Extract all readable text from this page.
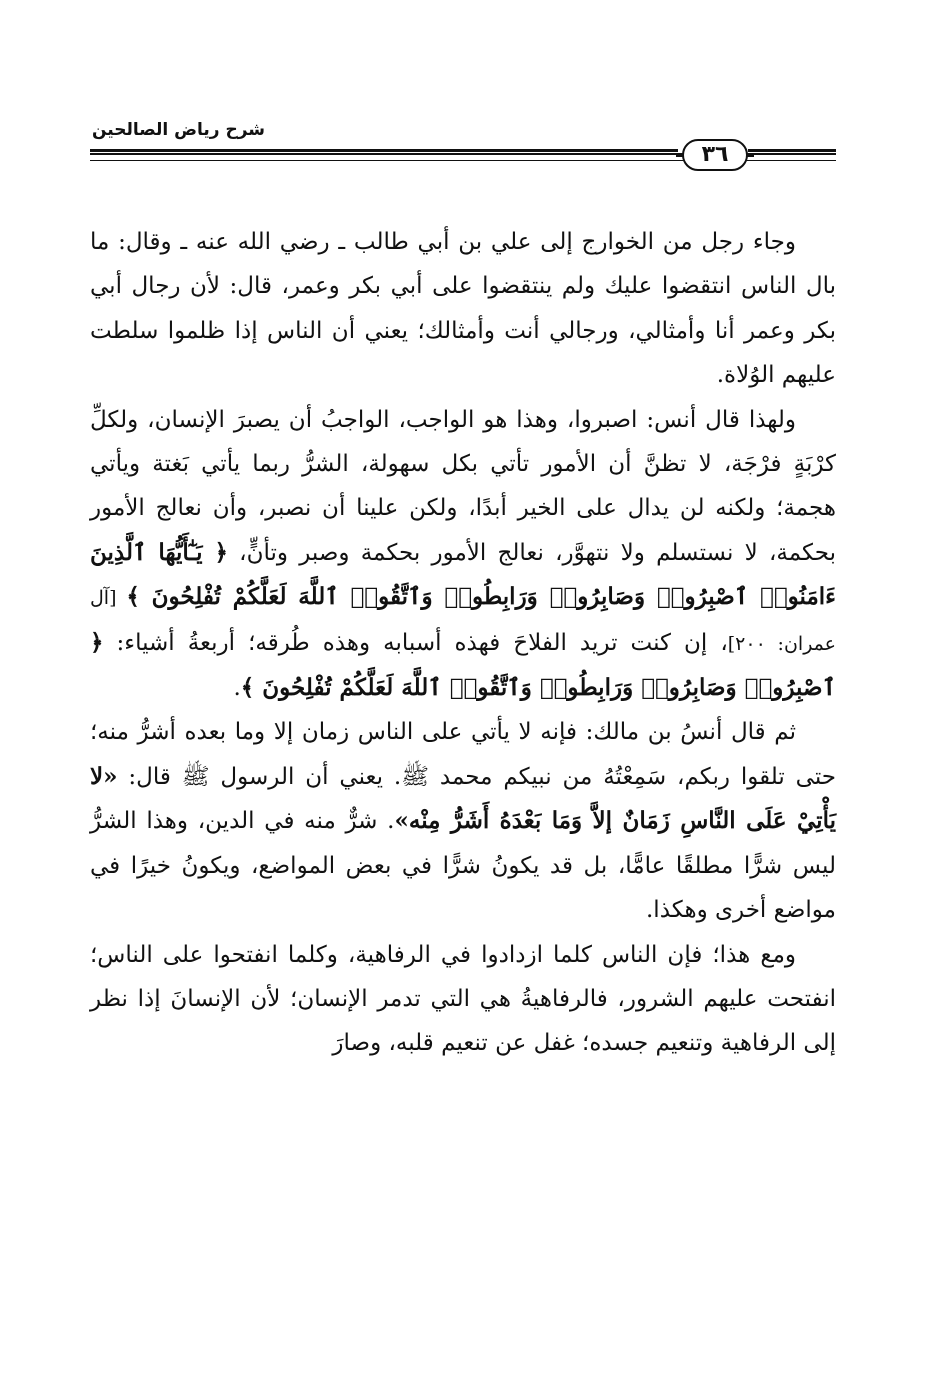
شرح رياض الصالحين
٣٦

وجاء رجل من الخوارج إلى علي بن أبي طالب ـ رضي الله عنه ـ وقال: ما بال الناس انتقضوا عليك ولم ينتقضوا على أبي بكر وعمر، قال: لأن رجال أبي بكر وعمر أنا وأمثالي، ورجالي أنت وأمثالك؛ يعني أن الناس إذا ظلموا سلطت عليهم الوُلاة.

ولهذا قال أنس: اصبروا، وهذا هو الواجب، الواجبُ أن يصبرَ الإنسان، ولكلِّ كرْبَةٍ فرْجَة، لا تظنَّ أن الأمور تأتي بكل سهولة، الشرُّ ربما يأتي بَغتة ويأتي هجمة؛ ولكنه لن يدال على الخير أبدًا، ولكن علينا أن نصبر، وأن نعالج الأمور بحكمة، لا نستسلم ولا نتهوَّر، نعالج الأمور بحكمة وصبر وتأنٍّ، ﴿ يَـٰٓأَيُّهَا ٱلَّذِينَ ءَامَنُوا۟ ٱصْبِرُوا۟ وَصَابِرُوا۟ وَرَابِطُوا۟ وَٱتَّقُوا۟ ٱللَّهَ لَعَلَّكُمْ تُفْلِحُونَ ﴾ [آل عمران: ٢٠٠]، إن كنت تريد الفلاحَ فهذه أسبابه وهذه طُرقه؛ أربعةُ أشياء: ﴿ ٱصْبِرُوا۟ وَصَابِرُوا۟ وَرَابِطُوا۟ وَٱتَّقُوا۟ ٱللَّهَ لَعَلَّكُمْ تُفْلِحُونَ ﴾.

ثم قال أنسُ بن مالك: فإنه لا يأتي على الناس زمان إلا وما بعده أشرُّ منه؛ حتى تلقوا ربكم، سَمِعْتُهُ من نبيكم محمد ﷺ. يعني أن الرسول ﷺ قال: «لا يَأْتِيْ عَلَى النَّاسِ زَمَانٌ إلاَّ وَمَا بَعْدَهُ أَشَرُّ مِنْه». شرٌّ منه في الدين، وهذا الشرُّ ليس شرًّا مطلقًا عامًّا، بل قد يكونُ شرًّا في بعض المواضع، ويكونُ خيرًا في مواضع أخرى وهكذا.

ومع هذا؛ فإن الناس كلما ازدادوا في الرفاهية، وكلما انفتحوا على الناس؛ انفتحت عليهم الشرور، فالرفاهيةُ هي التي تدمر الإنسان؛ لأن الإنسانَ إذا نظر إلى الرفاهية وتنعيم جسده؛ غفل عن تنعيم قلبه، وصارَ
